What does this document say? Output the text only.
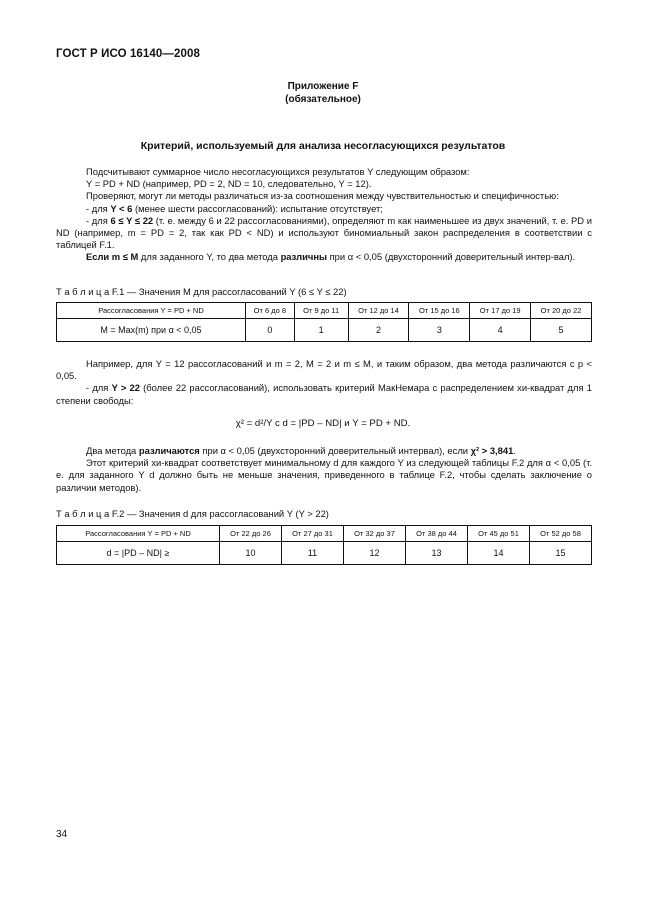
ГОСТ Р ИСО 16140—2008
Приложение F
(обязательное)
Критерий, используемый для анализа несогласующихся результатов
Подсчитывают суммарное число несогласующихся результатов Y следующим образом:
Y = PD + ND (например, PD = 2, ND = 10, следовательно, Y = 12).
Проверяют, могут ли методы различаться из-за соотношения между чувствительностью и специфичностью:
- для Y < 6 (менее шести рассогласований): испытание отсутствует;
- для 6 ≤ Y ≤ 22 (т. е. между 6 и 22 рассогласованиями), определяют m как наименьшее из двух значений, т. е. PD и ND (например, m = PD = 2, так как PD < ND) и используют биномиальный закон распределения в соответствии с таблицей F.1.
Если m ≤ M для заданного Y, то два метода различны при α < 0,05 (двухсторонний доверительный интер-вал).
Т а б л и ц а F.1 — Значения M для рассогласований Y (6 ≤ Y ≤ 22)
Рассогласования Y = PD + ND	От 6 до 8	От 9 до 11	От 12 до 14	От 15 до 16	От 17 до 19	От 20 до 22
M = Max(m) при α < 0,05	0	1	2	3	4	5
Например, для Y = 12 рассогласований и m = 2, M = 2 и m ≤ M, и таким образом, два метода различаются с p < 0,05.
- для Y > 22 (более 22 рассогласований), использовать критерий МакНемара с распределением хи-квадрат для 1 степени свободы:
χ² = d²/Y с d = |PD – ND| и Y = PD + ND.
Два метода различаются при α < 0,05 (двухсторонний доверительный интервал), если χ² > 3,841.
Этот критерий хи-квадрат соответствует минимальному d для каждого Y из следующей таблицы F.2 для α < 0,05 (т. е. для заданного Y d должно быть не меньше значения, приведенного в таблице F.2, чтобы сделать заключение о различии методов).
Т а б л и ц а F.2 — Значения d для рассогласований Y (Y > 22)
Рассогласования Y = PD + ND	От 22 до 26	От 27 до 31	От 32 до 37	От 38 до 44	От 45 до 51	От 52 до 58
d = |PD – ND| ≥	10	11	12	13	14	15
34
